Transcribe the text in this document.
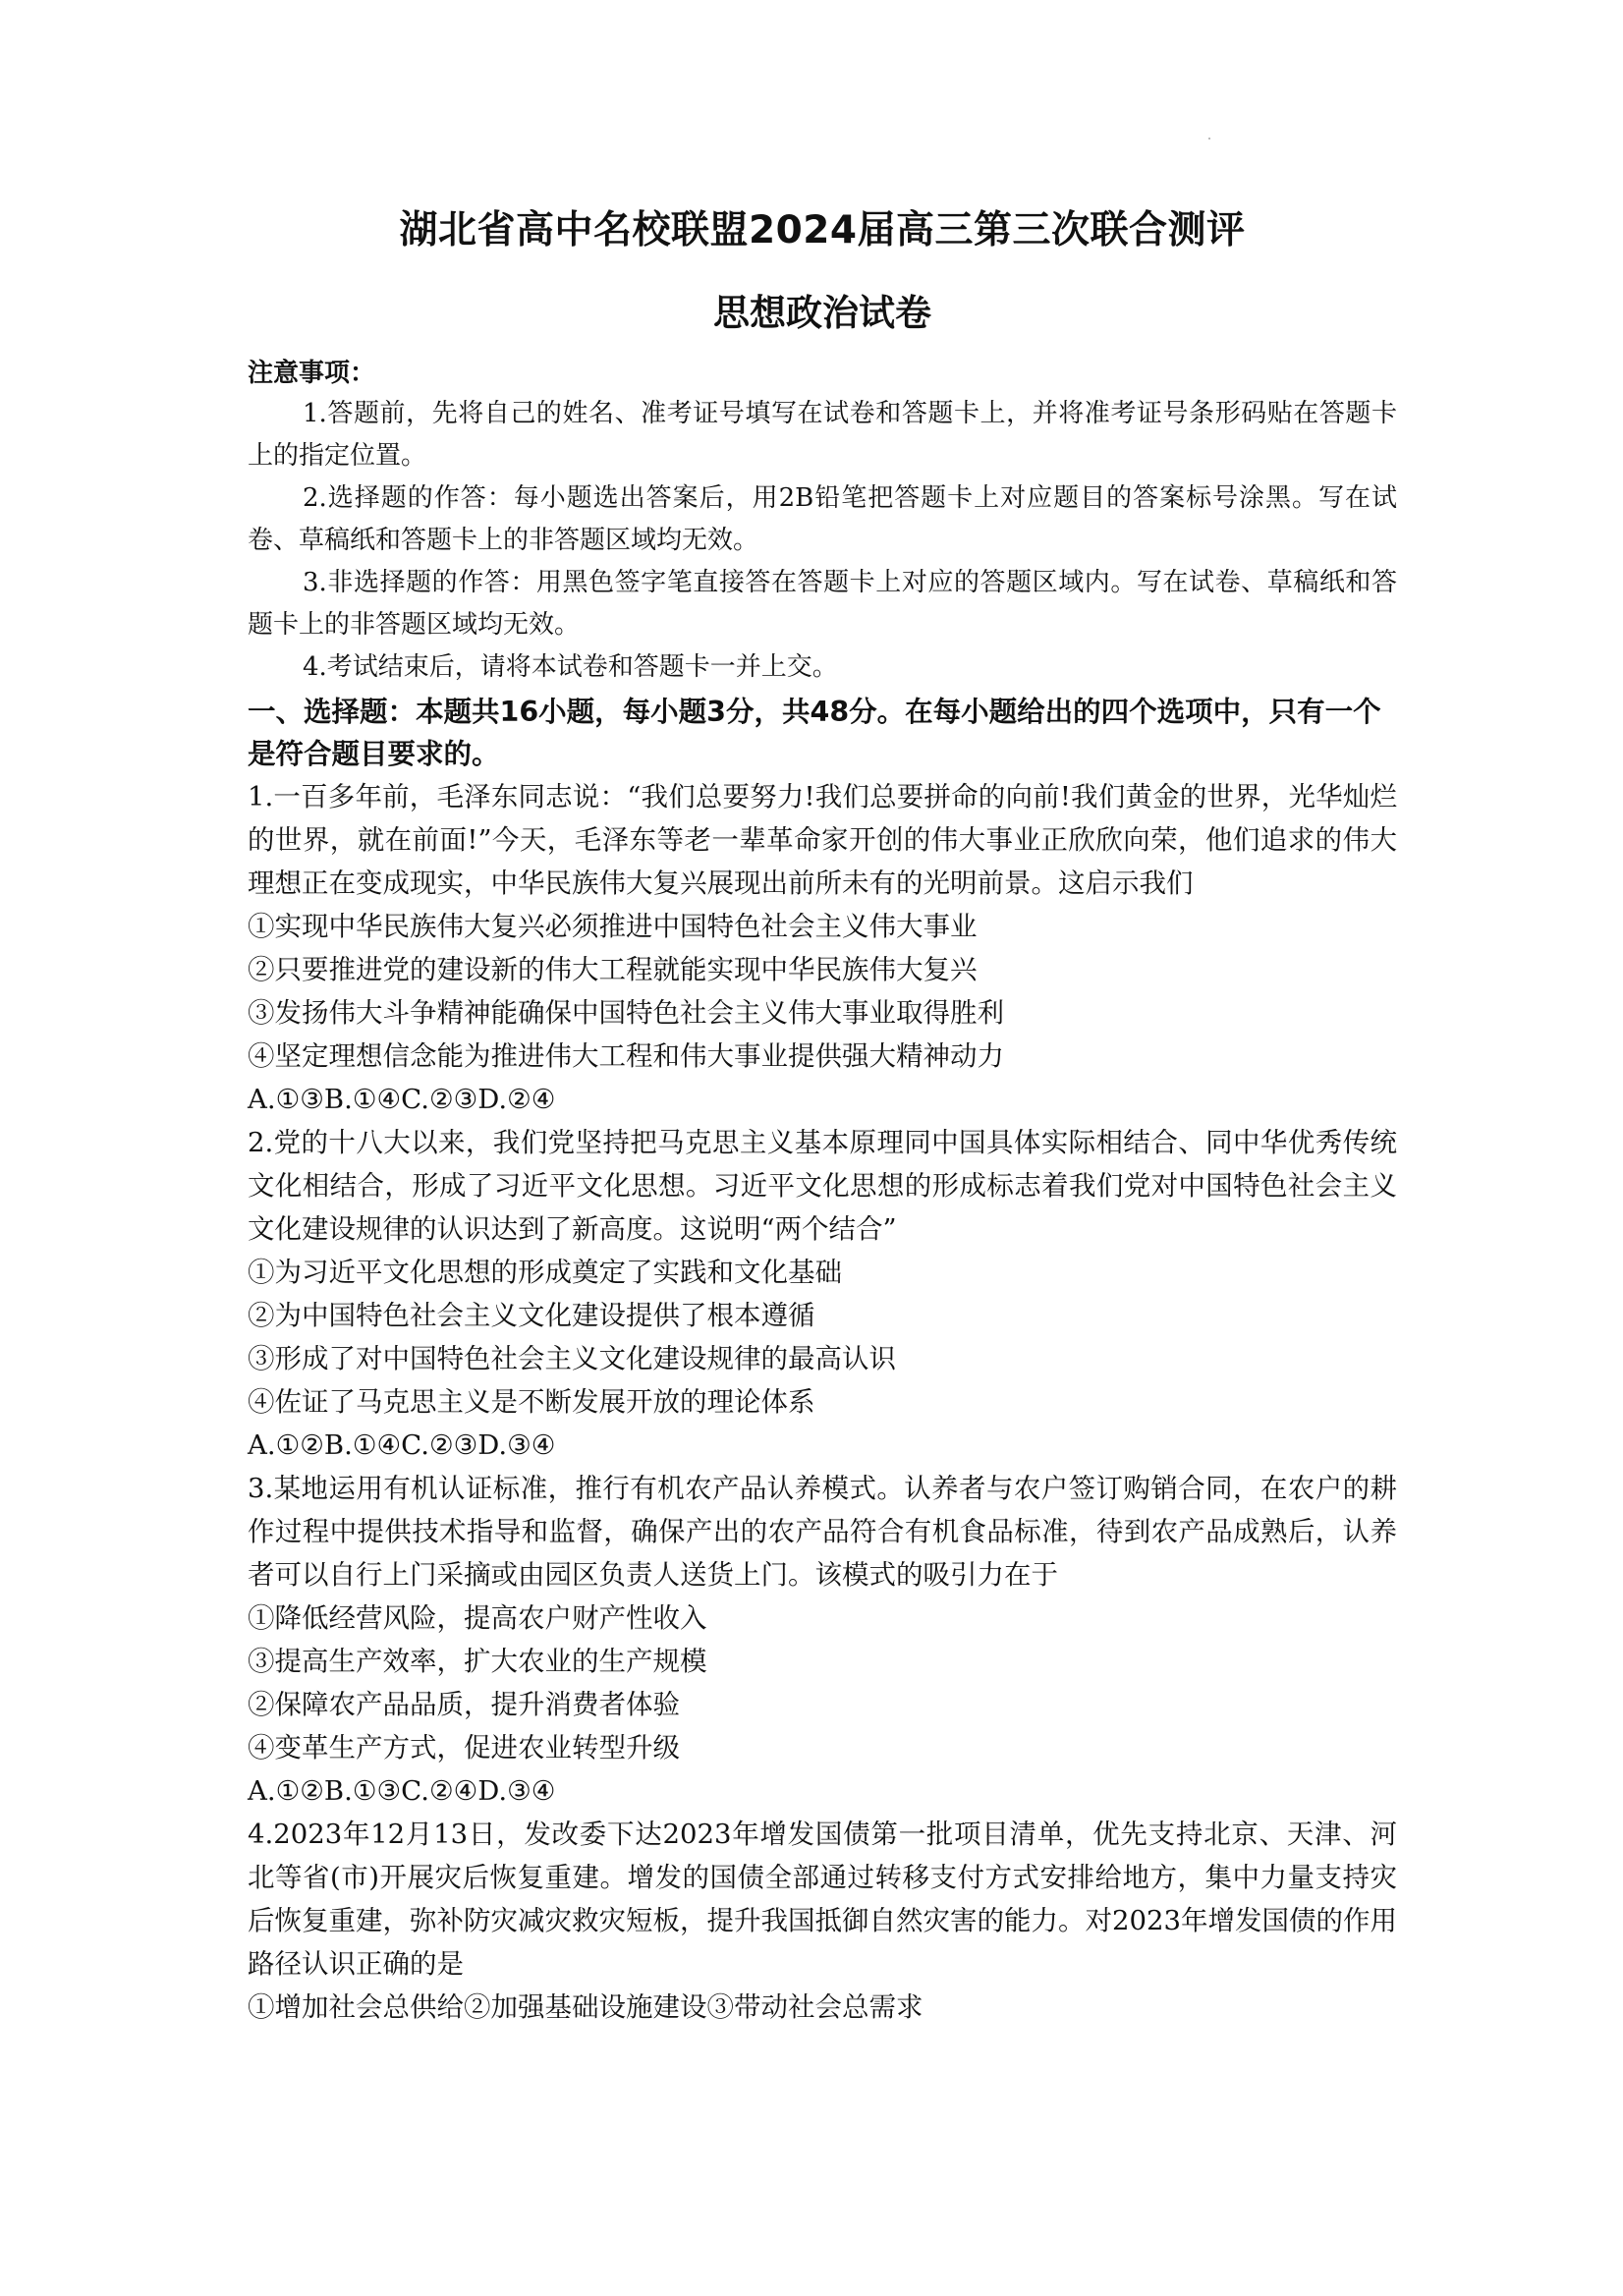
湖北省高中名校联盟2024届高三第三次联合测评
思想政治试卷
注意事项：
1.答题前，先将自己的姓名、准考证号填写在试卷和答题卡上，并将准考证号条形码贴在答题卡上的指定位置。
2.选择题的作答：每小题选出答案后，用2B铅笔把答题卡上对应题目的答案标号涂黑。写在试卷、草稿纸和答题卡上的非答题区域均无效。
3.非选择题的作答：用黑色签字笔直接答在答题卡上对应的答题区域内。写在试卷、草稿纸和答题卡上的非答题区域均无效。
4.考试结束后，请将本试卷和答题卡一并上交。
一、选择题：本题共16小题，每小题3分，共48分。在每小题给出的四个选项中，只有一个是符合题目要求的。
1.一百多年前，毛泽东同志说：“我们总要努力!我们总要拼命的向前!我们黄金的世界，光华灿烂的世界，就在前面!”今天，毛泽东等老一辈革命家开创的伟大事业正欣欣向荣，他们追求的伟大理想正在变成现实，中华民族伟大复兴展现出前所未有的光明前景。这启示我们
①实现中华民族伟大复兴必须推进中国特色社会主义伟大事业
②只要推进党的建设新的伟大工程就能实现中华民族伟大复兴
③发扬伟大斗争精神能确保中国特色社会主义伟大事业取得胜利
④坚定理想信念能为推进伟大工程和伟大事业提供强大精神动力
A.①③B.①④C.②③D.②④
2.党的十八大以来，我们党坚持把马克思主义基本原理同中国具体实际相结合、同中华优秀传统文化相结合，形成了习近平文化思想。习近平文化思想的形成标志着我们党对中国特色社会主义文化建设规律的认识达到了新高度。这说明“两个结合”
①为习近平文化思想的形成奠定了实践和文化基础
②为中国特色社会主义文化建设提供了根本遵循
③形成了对中国特色社会主义文化建设规律的最高认识
④佐证了马克思主义是不断发展开放的理论体系
A.①②B.①④C.②③D.③④
3.某地运用有机认证标准，推行有机农产品认养模式。认养者与农户签订购销合同，在农户的耕作过程中提供技术指导和监督，确保产出的农产品符合有机食品标准，待到农产品成熟后，认养者可以自行上门采摘或由园区负责人送货上门。该模式的吸引力在于
①降低经营风险，提高农户财产性收入
③提高生产效率，扩大农业的生产规模
②保障农产品品质，提升消费者体验
④变革生产方式，促进农业转型升级
A.①②B.①③C.②④D.③④
4.2023年12月13日，发改委下达2023年增发国债第一批项目清单，优先支持北京、天津、河北等省(市)开展灾后恢复重建。增发的国债全部通过转移支付方式安排给地方，集中力量支持灾后恢复重建，弥补防灾减灾救灾短板，提升我国抵御自然灾害的能力。对2023年增发国债的作用路径认识正确的是
①增加社会总供给②加强基础设施建设③带动社会总需求
